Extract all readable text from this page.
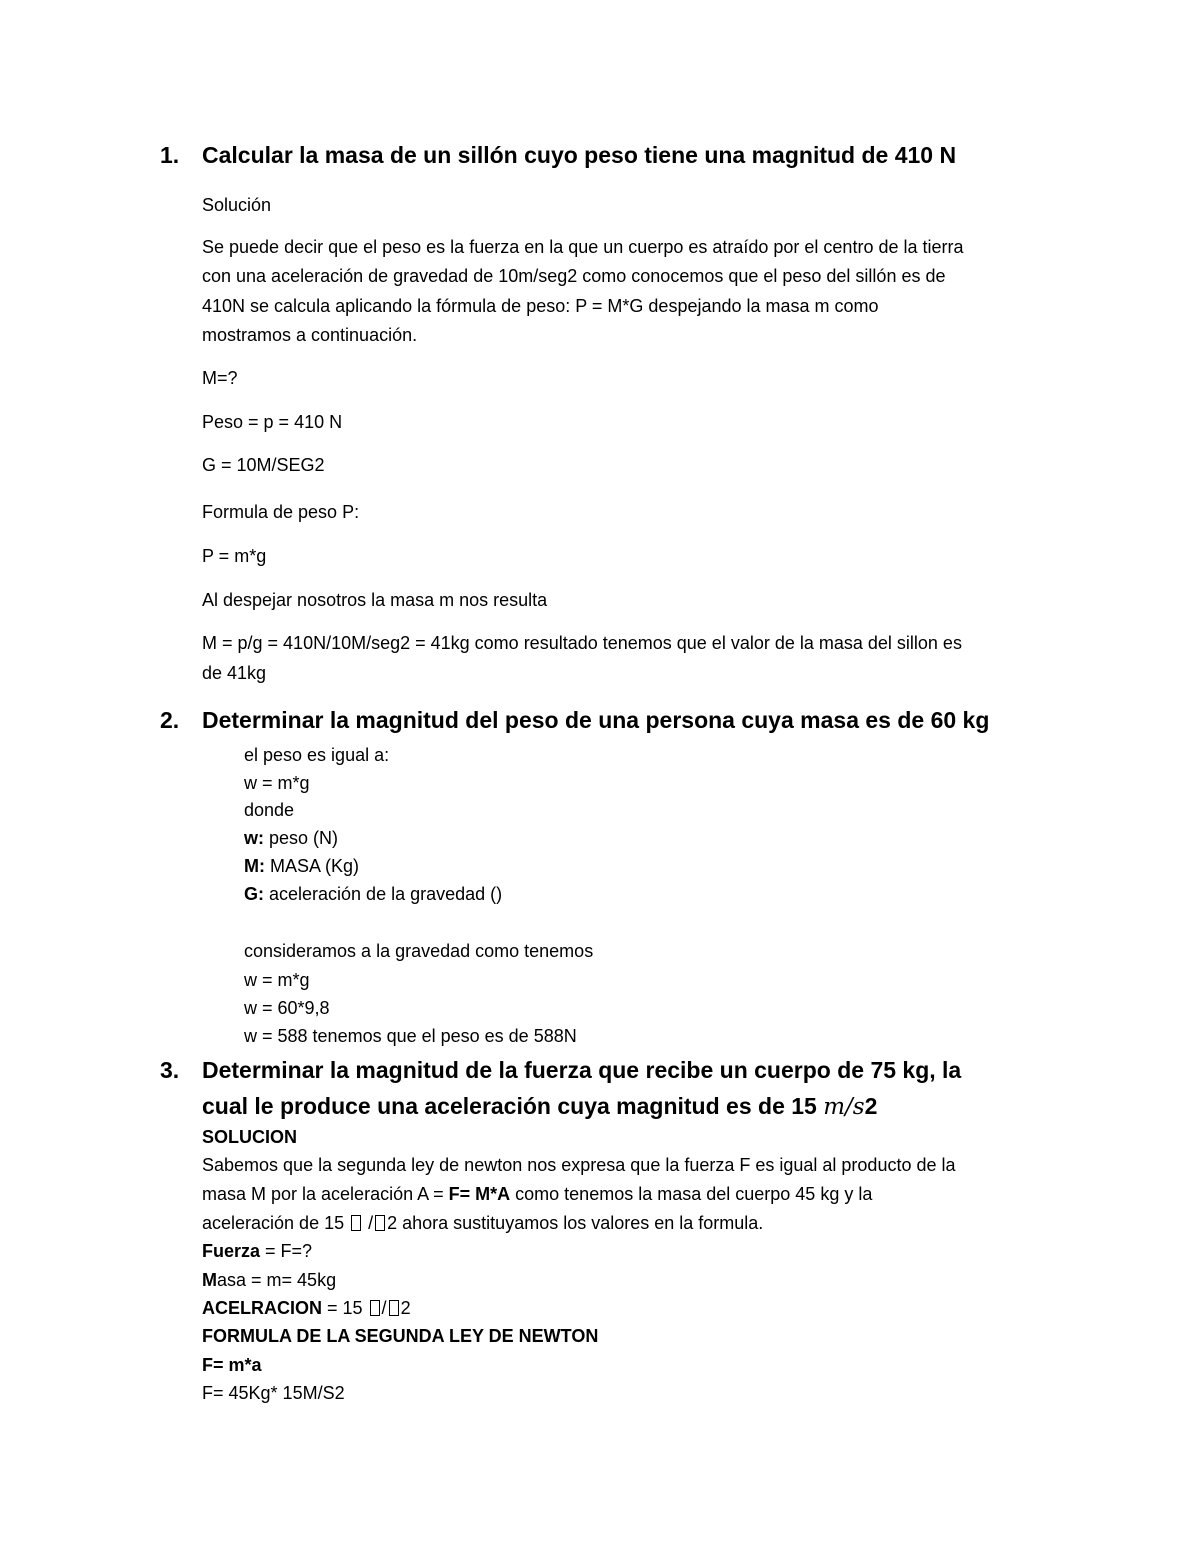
1. Calcular la masa de un sillón cuyo peso tiene una magnitud de 410 N
Solución
Se puede decir que el peso es la fuerza en la que un cuerpo es atraído por el centro de la tierra
con una aceleración de gravedad de 10m/seg2 como conocemos que el peso del sillón es de
410N se calcula aplicando la fórmula de peso: P = M*G despejando la masa m como
mostramos a continuación.
M=?
Peso = p = 410 N
G = 10M/SEG2
Formula de peso P:
P = m*g
Al despejar nosotros la masa m nos resulta
M = p/g = 410N/10M/seg2 = 41kg como resultado tenemos que el valor de la masa del sillon es
de 41kg
2. Determinar la magnitud del peso de una persona cuya masa es de 60 kg
el peso es igual a:
w = m*g
donde
w: peso (N)
M: MASA (Kg)
G: aceleración de la gravedad ()
consideramos a la gravedad como tenemos
w = m*g
w = 60*9,8
w = 588 tenemos que el peso es de 588N
3. Determinar la magnitud de la fuerza que recibe un cuerpo de 75 kg, la
cual le produce una aceleración cuya magnitud es de 15 m/s2
SOLUCION
Sabemos que la segunda ley de newton nos expresa que la fuerza F es igual al producto de la
masa M por la aceleración A = F= M*A como tenemos la masa del cuerpo 45 kg y la
aceleración de 15  / 2 ahora sustituyamos los valores en la formula.
Fuerza = F=?
Masa = m= 45kg
ACELRACION = 15 / 2
FORMULA DE LA SEGUNDA LEY DE NEWTON
F= m*a
F= 45Kg* 15M/S2
